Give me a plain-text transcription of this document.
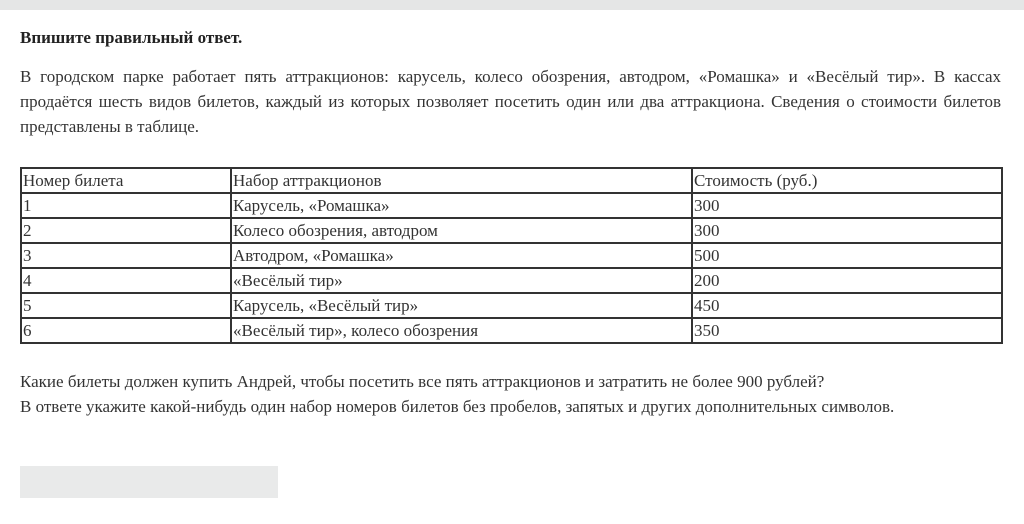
Впишите правильный ответ.

В городском парке работает пять аттракционов: карусель, колесо обозрения, автодром, «Ромашка» и «Весёлый тир». В кассах продаётся шесть видов билетов, каждый из которых позволяет посетить один или два аттракциона. Сведения о стоимости билетов представлены в таблице.

Номер билета	Набор аттракционов	Стоимость (руб.)
1	Карусель, «Ромашка»	300
2	Колесо обозрения, автодром	300
3	Автодром, «Ромашка»	500
4	«Весёлый тир»	200
5	Карусель, «Весёлый тир»	450
6	«Весёлый тир», колесо обозрения	350

Какие билеты должен купить Андрей, чтобы посетить все пять аттракционов и затратить не более 900 рублей?
В ответе укажите какой-нибудь один набор номеров билетов без пробелов, запятых и других дополнительных символов.
